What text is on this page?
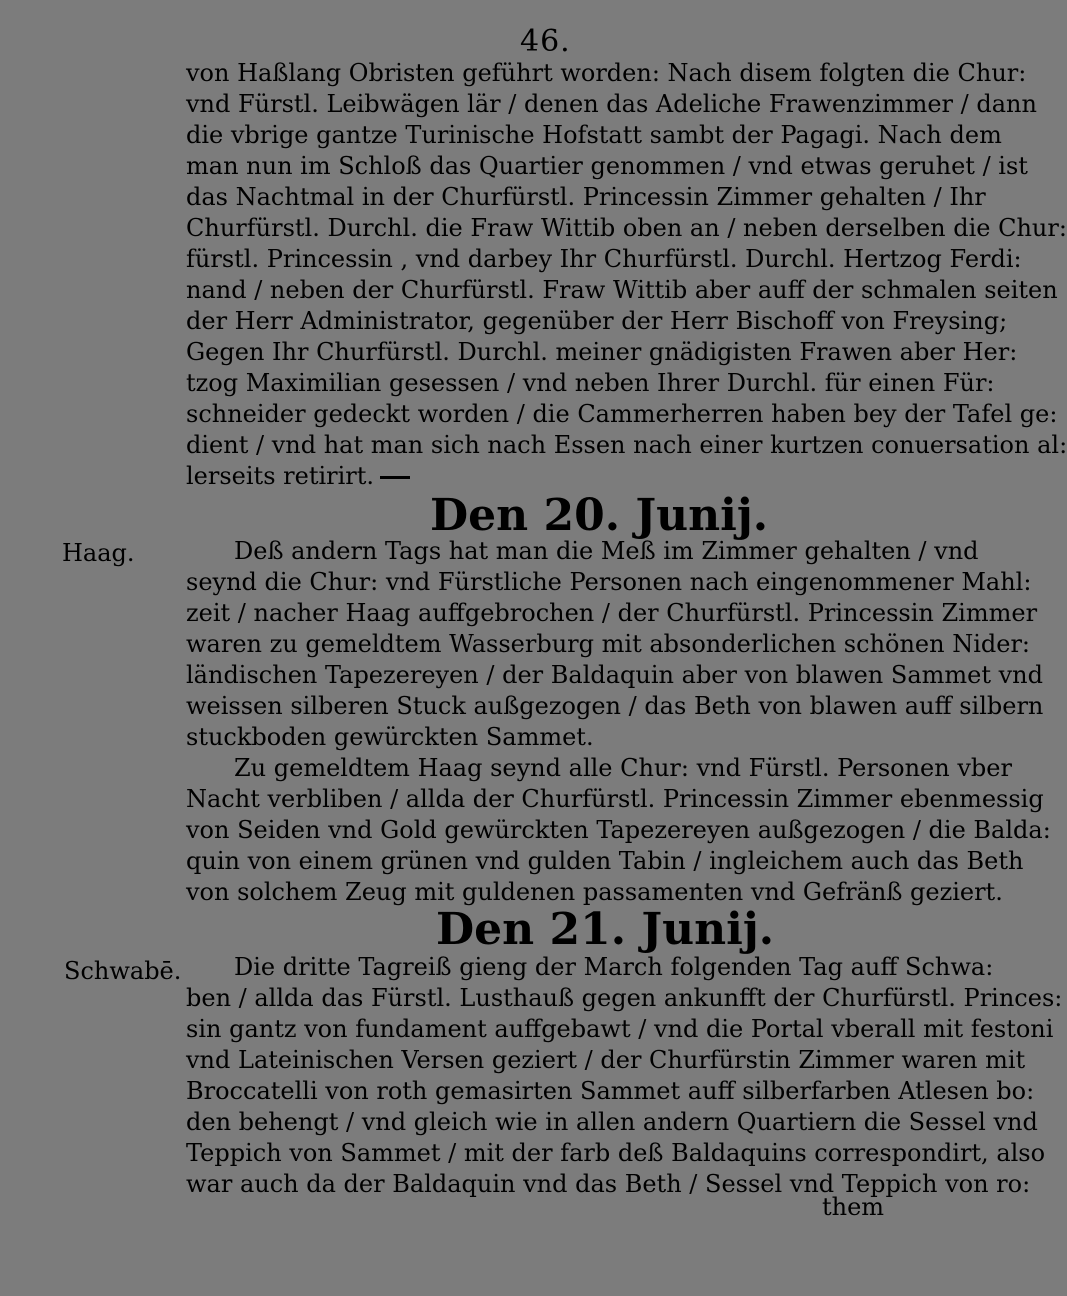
46.
von Haßlang Obristen geführt worden: Nach disem folgten die Chur:
vnd Fürstl. Leibwägen lär / denen das Adeliche Frawenzimmer / dann
die vbrige gantze Turinische Hofstatt sambt der Pagagi. Nach dem
man nun im Schloß das Quartier genommen / vnd etwas geruhet / ist
das Nachtmal in der Churfürstl. Princessin Zimmer gehalten / Ihr
Churfürstl. Durchl. die Fraw Wittib oben an / neben derselben die Chur:
fürstl. Princessin , vnd darbey Ihr Churfürstl. Durchl. Hertzog Ferdi:
nand / neben der Churfürstl. Fraw Wittib aber auff der schmalen seiten
der Herr Administrator, gegenüber der Herr Bischoff von Freysing;
Gegen Ihr Churfürstl. Durchl. meiner gnädigisten Frawen aber Her:
tzog Maximilian gesessen / vnd neben Ihrer Durchl. für einen Für:
schneider gedeckt worden / die Cammerherren haben bey der Tafel ge:
dient / vnd hat man sich nach Essen nach einer kurtzen conuersation al:
lerseits retirirt.
Den 20. Junij.
Haag.	Deß andern Tags hat man die Meß im Zimmer gehalten / vnd
seynd die Chur: vnd Fürstliche Personen nach eingenommener Mahl:
zeit / nacher Haag auffgebrochen / der Churfürstl. Princessin Zimmer
waren zu gemeldtem Wasserburg mit absonderlichen schönen Nider:
ländischen Tapezereyen / der Baldaquin aber von blawen Sammet vnd
weissen silberen Stuck außgezogen / das Beth von blawen auff silbern
stuckboden gewürckten Sammet.
Zu gemeldtem Haag seynd alle Chur: vnd Fürstl. Personen vber
Nacht verbliben / allda der Churfürstl. Princessin Zimmer ebenmessig
von Seiden vnd Gold gewürckten Tapezereyen außgezogen / die Balda:
quin von einem grünen vnd gulden Tabin / ingleichem auch das Beth
von solchem Zeug mit guldenen passamenten vnd Gefränß geziert.
Den 21. Junij.
Schwabē.	Die dritte Tagreiß gieng der March folgenden Tag auff Schwa:
ben / allda das Fürstl. Lusthauß gegen ankunfft der Churfürstl. Princes:
sin gantz von fundament auffgebawt / vnd die Portal vberall mit festoni
vnd Lateinischen Versen geziert / der Churfürstin Zimmer waren mit
Broccatelli von roth gemasirten Sammet auff silberfarben Atlesen bo:
den behengt / vnd gleich wie in allen andern Quartiern die Sessel vnd
Teppich von Sammet / mit der farb deß Baldaquins correspondirt, also
war auch da der Baldaquin vnd das Beth / Sessel vnd Teppich von ro:
them
